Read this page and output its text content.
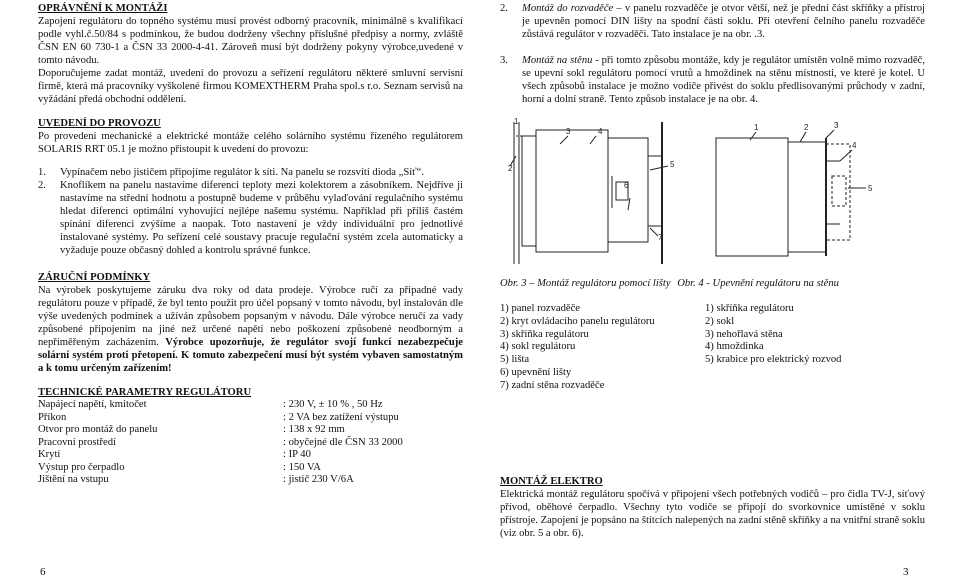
OPRÁVNĚNÍ K MONTÁŽI

Zapojení regulátoru do topného systému musí provést odborný pracovník, minimálně s kvalifikací podle vyhl.č.50/84 s podmínkou, že budou dodrženy všechny příslušné předpisy a normy, zvláště ČSN EN 60 730-1 a ČSN 33 2000-4-41. Zároveň musí být dodrženy pokyny výrobce,uvedené v tomto návodu.

Doporučujeme zadat montáž, uvedení do provozu a seřízení regulátoru některé smluvní servisní firmě, která má pracovníky vyškolené firmou KOMEXTHERM Praha spol.s r.o. Seznam servisů na vyžádání předá obchodní oddělení.

UVEDENÍ DO PROVOZU

Po provedení mechanické a elektrické montáže celého solárního systému řízeného regulátorem SOLARIS RRT 05.1 je možno přistoupit k uvedení do provozu:

1.	Vypínačem nebo jističem připojíme regulátor k síti. Na panelu se rozsvítí dioda „Síť“.
2.	Knoflíkem na panelu nastavíme diferenci teploty mezi kolektorem a zásobníkem. Nejdříve ji nastavíme na střední hodnotu a postupně budeme v průběhu vylaďování regulačního systému hledat diferenci optimální vyhovující nejlépe našemu systému. Například při příliš častém spínání diferenci zvýšíme a naopak. Toto nastavení je vždy individuální pro jednotlivé instalované systémy. Po seřízení celé soustavy pracuje regulační systém zcela automaticky a vyžaduje pouze občasný dohled a kontrolu správné funkce.
ZÁRUČNÍ PODMÍNKY

Na výrobek poskytujeme záruku dva roky od data prodeje. Výrobce ručí za připadné vady regulátoru pouze v případě, že byl tento použit pro účel popsaný v tomto návodu, byl instalován dle výše uvedených podmínek a užíván způsobem popsaným v návodu. Dále výrobce neručí za vady způsobené připojením na jiné než určené napětí nebo poškození způsobené neodborným a nepřiměřeným zacházením. Výrobce upozorňuje, že regulátor svojí funkcí nezabezpečuje solární systém proti přetopení. K tomuto zabezpečení musí být systém vybaven samostatným a k tomu určeným zařízením!

TECHNICKÉ PARAMETRY REGULÁTORU
Napájecí napětí, kmitočet	: 230 V, ± 10 % , 50 Hz
Příkon	: 2 VA bez zatížení výstupu
Otvor pro montáž do panelu	: 138 x 92 mm
Pracovní prostředí	: obyčejné dle ČSN 33 2000
Krytí	: IP 40
Výstup pro čerpadlo	: 150 VA
Jištění na vstupu	: jistič 230 V/6A
6
2.	Montáž do rozvaděče – v panelu rozvaděče je otvor větší, než je přední část skříňky a přístroj je upevněn pomocí DIN lišty na spodní části soklu. Při otevření čelního panelu rozvaděče zůstává regulátor v rozvaděči. Tato instalace je na obr. .3.
3.	Montáž na stěnu - při tomto způsobu montáže, kdy je regulátor umístěn volně mimo rozvaděč, se upevní sokl regulátoru pomocí vrutů a hmoždinek na stěnu místnosti, ve které je kotel. U všech způsobů instalace je možno vodiče přivést do soklu předlisovanými průchody v zadní, horní a dolní straně. Tento způsob instalace je na obr. 4.
1
2
3	4
5
6
7
1	2	3
4
5
Obr. 3 – Montáž regulátoru pomocí lišty Obr. 4 - Upevnění regulátoru na stěnu
1) panel rozvaděče
2) kryt ovládacího panelu regulátoru
3) skříňka regulátoru
4) sokl regulátoru
5) lišta
6) upevnění lišty
7) zadní stěna rozvaděče
1) skříňka regulátoru
2) sokl
3) nehořlavá stěna
4) hmoždinka
5) krabice pro elektrický rozvod
MONTÁŽ ELEKTRO

Elektrická montáž regulátoru spočívá v připojení všech potřebných vodičů – pro čidla TV-J, síťový přívod, oběhové čerpadlo. Všechny tyto vodiče se připojí do svorkovnice umístěné v soklu přístroje. Zapojení je popsáno na štítcích nalepených na zadní stěně skříňky a na vnitřní straně soklu (viz obr. 5 a obr. 6).

3
